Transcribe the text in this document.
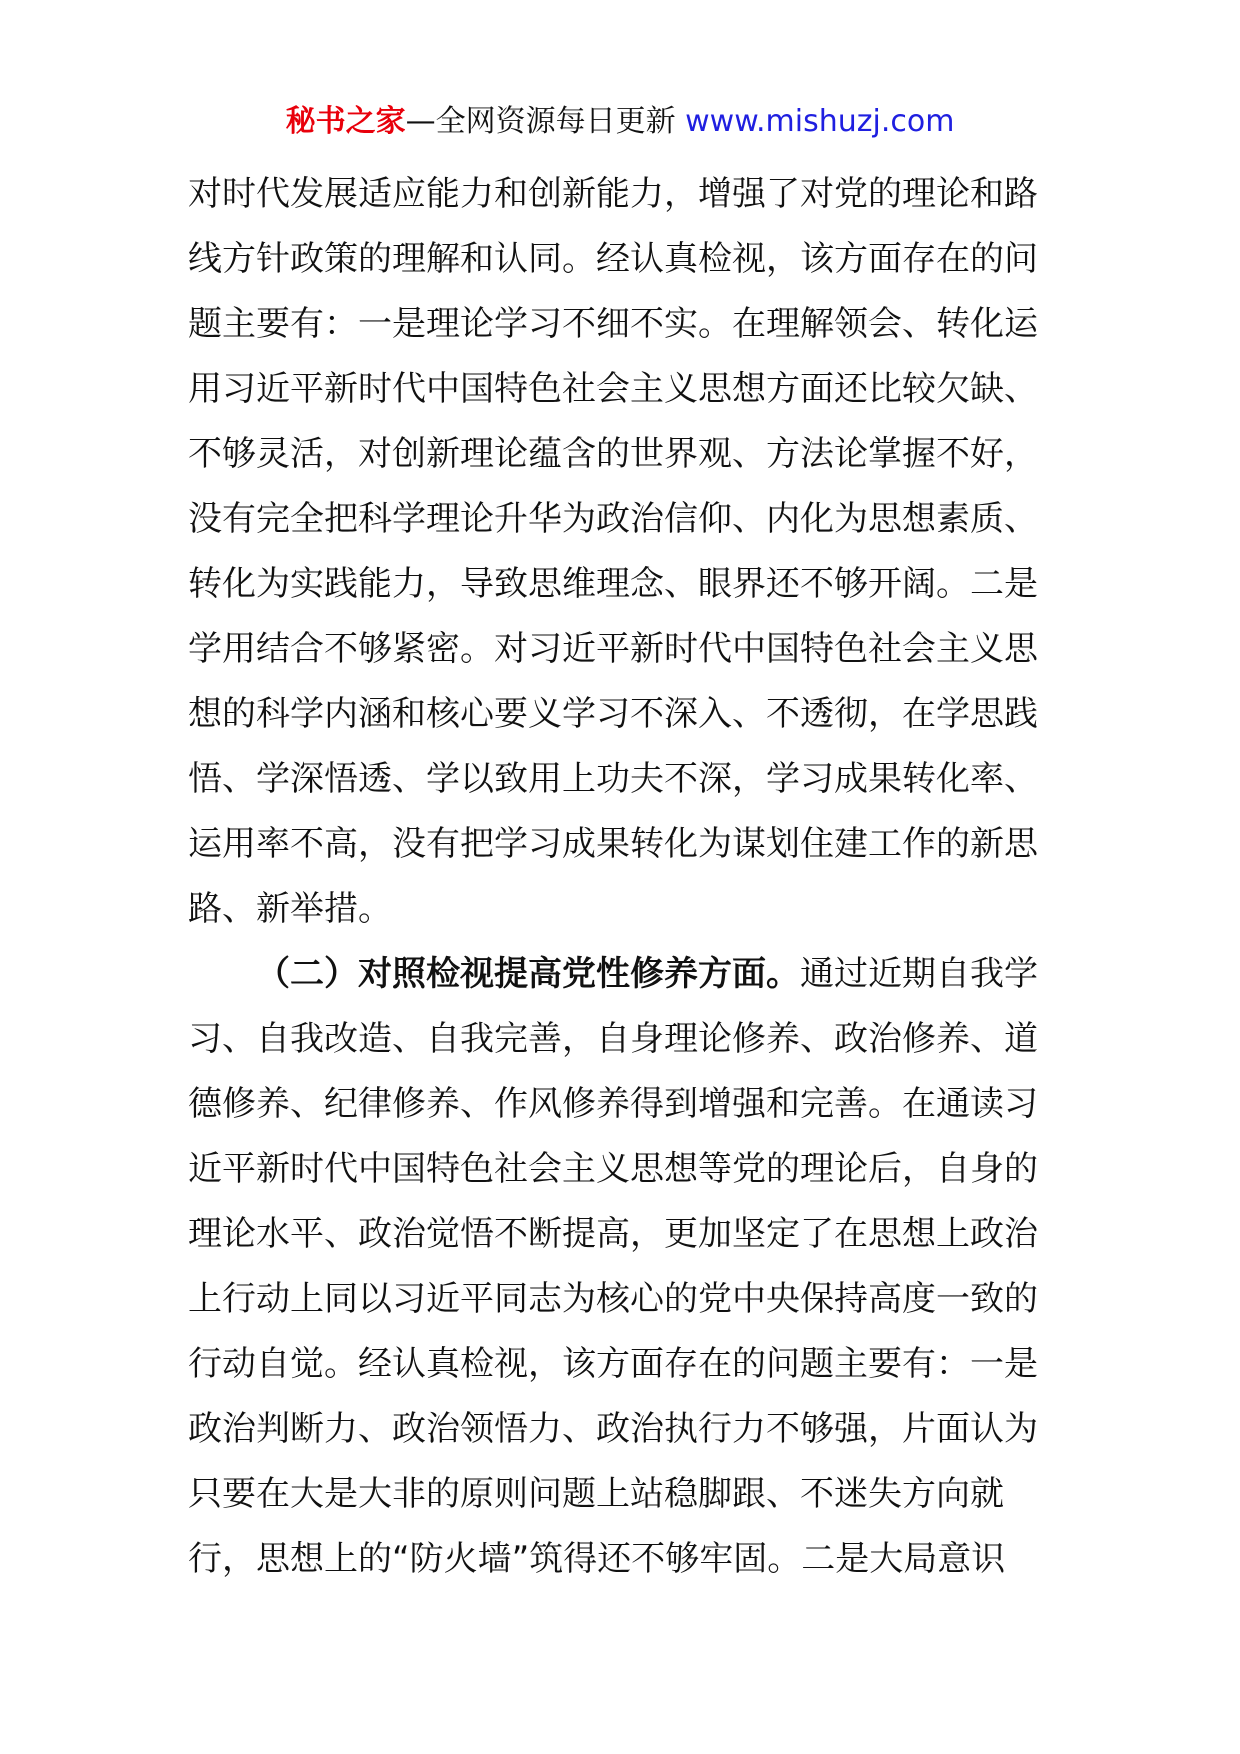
秘书之家—全网资源每日更新 www.mishuzj.com
对时代发展适应能力和创新能力，增强了对党的理论和路
线方针政策的理解和认同。经认真检视，该方面存在的问
题主要有：一是理论学习不细不实。在理解领会、转化运
用习近平新时代中国特色社会主义思想方面还比较欠缺、
不够灵活，对创新理论蕴含的世界观、方法论掌握不好，
没有完全把科学理论升华为政治信仰、内化为思想素质、
转化为实践能力，导致思维理念、眼界还不够开阔。二是
学用结合不够紧密。对习近平新时代中国特色社会主义思
想的科学内涵和核心要义学习不深入、不透彻，在学思践
悟、学深悟透、学以致用上功夫不深，学习成果转化率、
运用率不高，没有把学习成果转化为谋划住建工作的新思
路、新举措。
（二）对照检视提高党性修养方面。通过近期自我学
习、自我改造、自我完善，自身理论修养、政治修养、道
德修养、纪律修养、作风修养得到增强和完善。在通读习
近平新时代中国特色社会主义思想等党的理论后，自身的
理论水平、政治觉悟不断提高，更加坚定了在思想上政治
上行动上同以习近平同志为核心的党中央保持高度一致的
行动自觉。经认真检视，该方面存在的问题主要有：一是
政治判断力、政治领悟力、政治执行力不够强，片面认为
只要在大是大非的原则问题上站稳脚跟、不迷失方向就
行，思想上的“防火墙”筑得还不够牢固。二是大局意识
